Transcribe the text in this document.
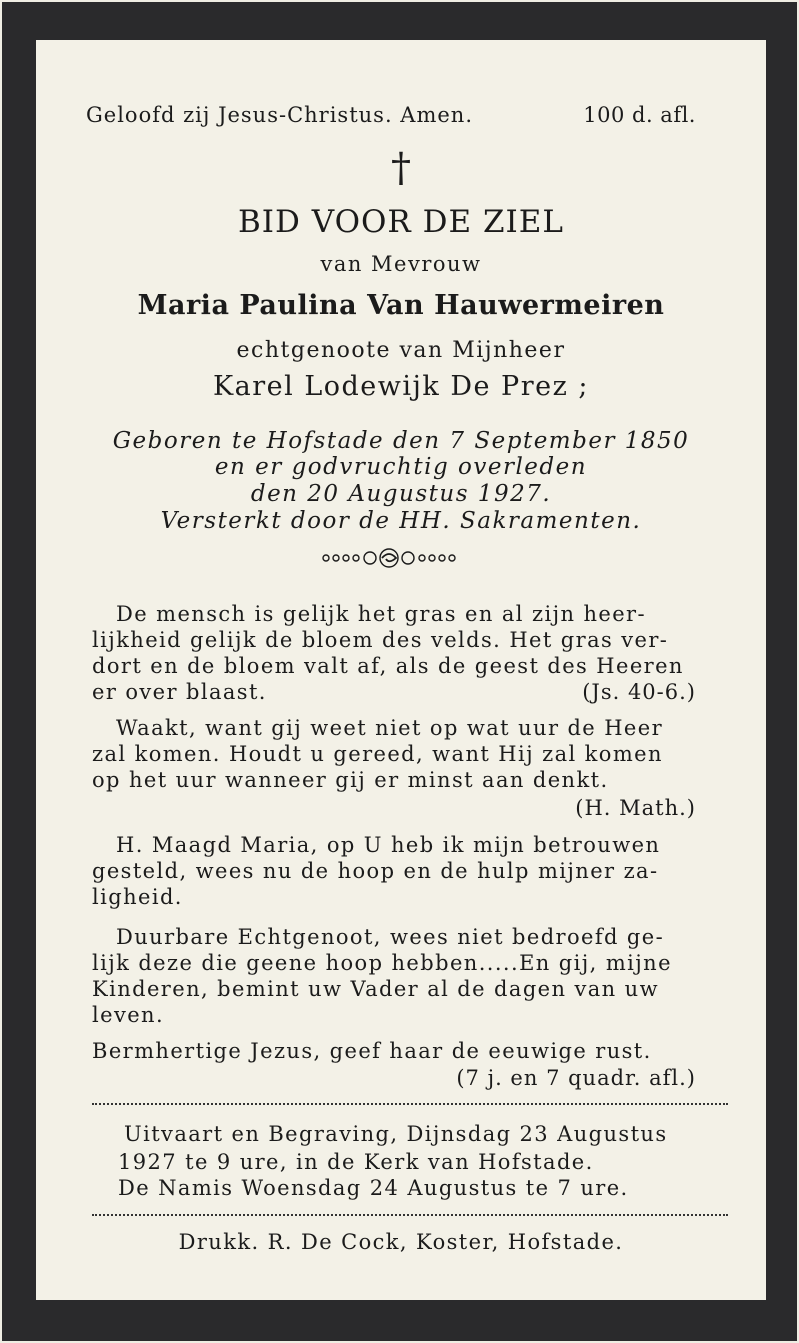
Geloofd zij Jesus-Christus. Amen.	100 d. afl.
†
BID VOOR DE ZIEL
van Mevrouw
Maria Paulina Van Hauwermeiren
echtgenoote van Mijnheer
Karel Lodewijk De Prez ;
Geboren te Hofstade den 7 September 1850
en er godvruchtig overleden
den 20 Augustus 1927.
Versterkt door de HH. Sakramenten.
De mensch is gelijk het gras en al zijn heer-
lijkheid gelijk de bloem des velds. Het gras ver-
dort en de bloem valt af, als de geest des Heeren
er over blaast.	(Js. 40-6.)
Waakt, want gij weet niet op wat uur de Heer
zal komen. Houdt u gereed, want Hij zal komen
op het uur wanneer gij er minst aan denkt.
(H. Math.)
H. Maagd Maria, op U heb ik mijn betrouwen
gesteld, wees nu de hoop en de hulp mijner za-
ligheid.
Duurbare Echtgenoot, wees niet bedroefd ge-
lijk deze die geene hoop hebben.....En gij, mijne
Kinderen, bemint uw Vader al de dagen van uw
leven.
Bermhertige Jezus, geef haar de eeuwige rust.
(7 j. en 7 quadr. afl.)
Uitvaart en Begraving, Dijnsdag 23 Augustus
1927 te 9 ure, in de Kerk van Hofstade.
De Namis Woensdag 24 Augustus te 7 ure.
Drukk. R. De Cock, Koster, Hofstade.
